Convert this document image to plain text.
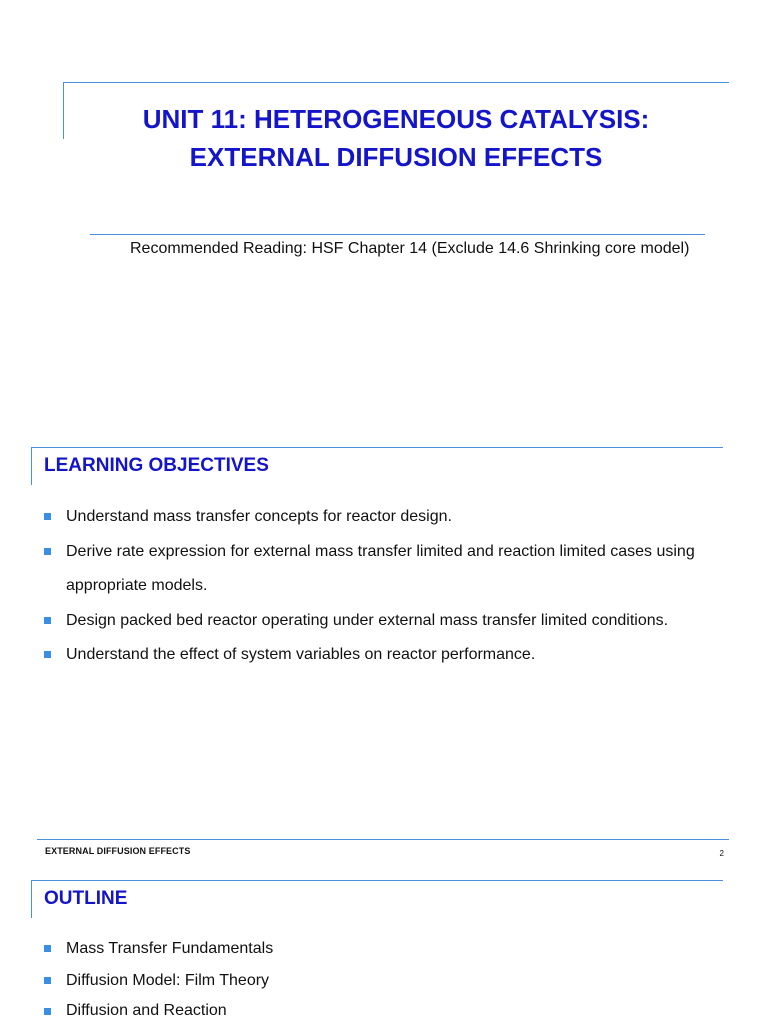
UNIT 11: HETEROGENEOUS CATALYSIS:
EXTERNAL DIFFUSION EFFECTS
Recommended Reading: HSF Chapter 14 (Exclude 14.6 Shrinking core model)
LEARNING OBJECTIVES
Understand mass transfer concepts for reactor design.
Derive rate expression for external mass transfer limited and reaction limited cases using appropriate models.
Design packed bed reactor operating under external mass transfer limited conditions.
Understand the effect of system variables on reactor performance.
EXTERNAL DIFFUSION EFFECTS	2
OUTLINE
Mass Transfer Fundamentals
Diffusion Model: Film Theory
Diffusion and Reaction
